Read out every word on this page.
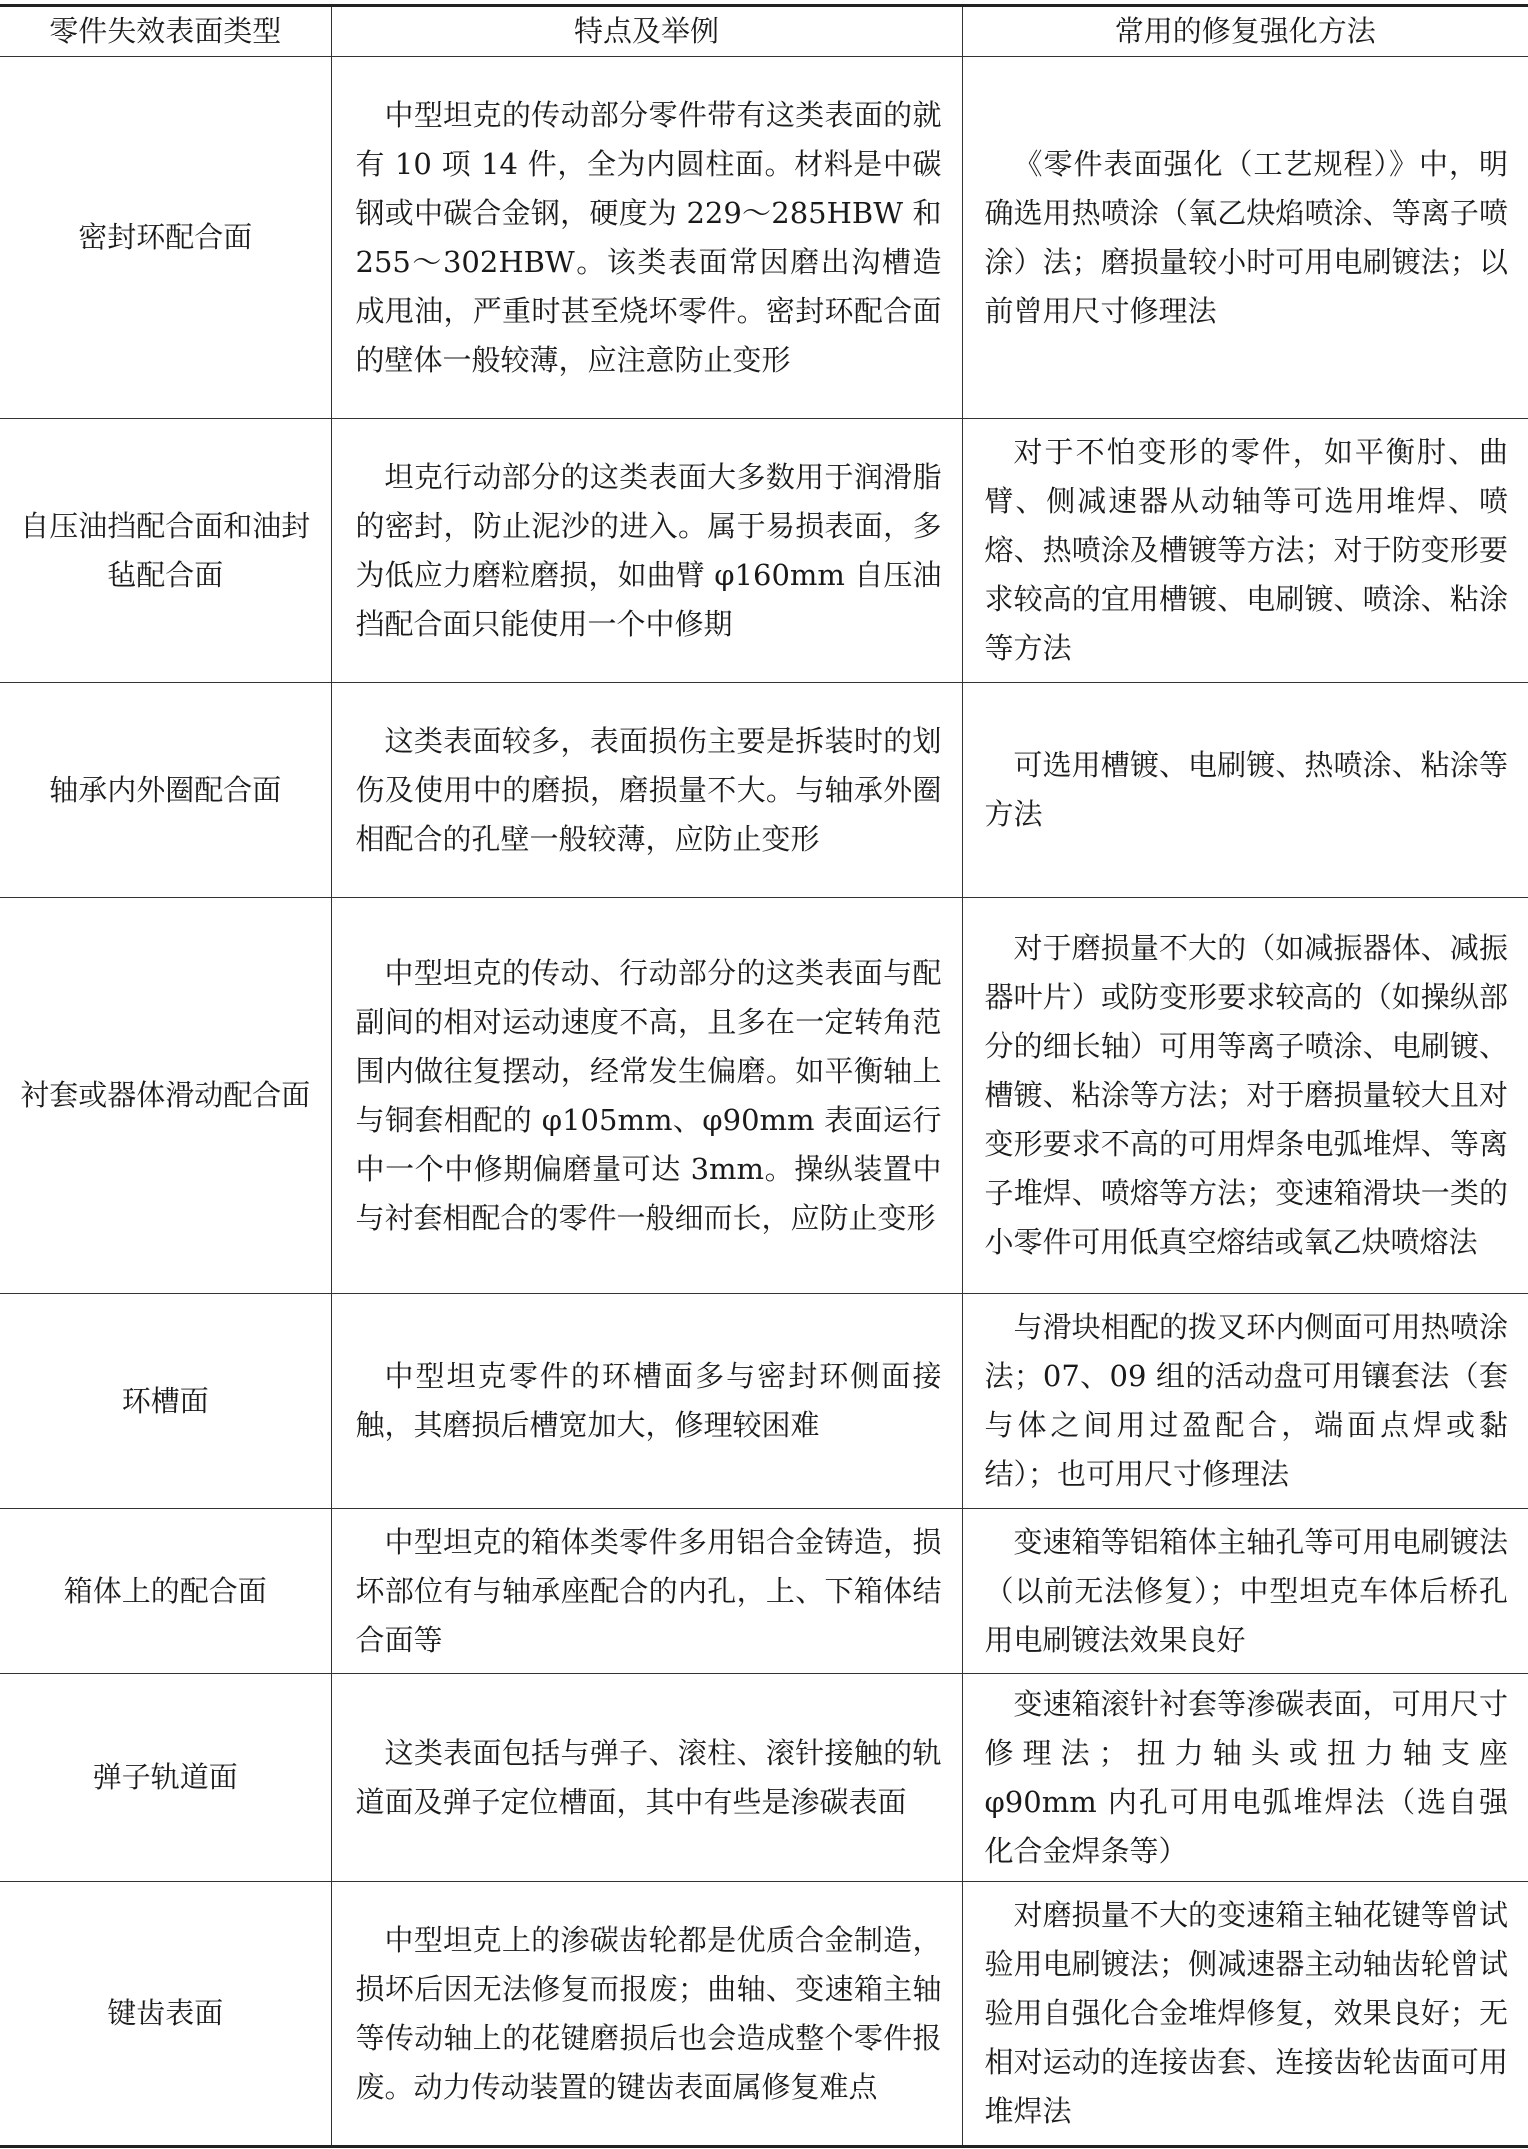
零件失效表面类型	特点及举例	常用的修复强化方法
密封环配合面	中型坦克的传动部分零件带有这类表面的就有 10 项 14 件，全为内圆柱面。材料是中碳钢或中碳合金钢，硬度为 229～285HBW 和 255～302HBW。该类表面常因磨出沟槽造成甩油，严重时甚至烧坏零件。密封环配合面的壁体一般较薄，应注意防止变形	《零件表面强化（工艺规程）》中，明确选用热喷涂（氧乙炔焰喷涂、等离子喷涂）法；磨损量较小时可用电刷镀法；以前曾用尺寸修理法
自压油挡配合面和油封毡配合面	坦克行动部分的这类表面大多数用于润滑脂的密封，防止泥沙的进入。属于易损表面，多为低应力磨粒磨损，如曲臂 φ160mm 自压油挡配合面只能使用一个中修期	对于不怕变形的零件，如平衡肘、曲臂、侧减速器从动轴等可选用堆焊、喷熔、热喷涂及槽镀等方法；对于防变形要求较高的宜用槽镀、电刷镀、喷涂、粘涂等方法
轴承内外圈配合面	这类表面较多，表面损伤主要是拆装时的划伤及使用中的磨损，磨损量不大。与轴承外圈相配合的孔壁一般较薄，应防止变形	可选用槽镀、电刷镀、热喷涂、粘涂等方法
衬套或器体滑动配合面	中型坦克的传动、行动部分的这类表面与配副间的相对运动速度不高，且多在一定转角范围内做往复摆动，经常发生偏磨。如平衡轴上与铜套相配的 φ105mm、φ90mm 表面运行中一个中修期偏磨量可达 3mm。操纵装置中与衬套相配合的零件一般细而长，应防止变形	对于磨损量不大的（如减振器体、减振器叶片）或防变形要求较高的（如操纵部分的细长轴）可用等离子喷涂、电刷镀、槽镀、粘涂等方法；对于磨损量较大且对变形要求不高的可用焊条电弧堆焊、等离子堆焊、喷熔等方法；变速箱滑块一类的小零件可用低真空熔结或氧乙炔喷熔法
环槽面	中型坦克零件的环槽面多与密封环侧面接触，其磨损后槽宽加大，修理较困难	与滑块相配的拨叉环内侧面可用热喷涂法；07、09 组的活动盘可用镶套法（套与体之间用过盈配合，端面点焊或黏结）；也可用尺寸修理法
箱体上的配合面	中型坦克的箱体类零件多用铝合金铸造，损坏部位有与轴承座配合的内孔，上、下箱体结合面等	变速箱等铝箱体主轴孔等可用电刷镀法（以前无法修复）；中型坦克车体后桥孔用电刷镀法效果良好
弹子轨道面	这类表面包括与弹子、滚柱、滚针接触的轨道面及弹子定位槽面，其中有些是渗碳表面	变速箱滚针衬套等渗碳表面，可用尺寸修理法；扭力轴头或扭力轴支座 φ90mm 内孔可用电弧堆焊法（选自强化合金焊条等）
键齿表面	中型坦克上的渗碳齿轮都是优质合金制造，损坏后因无法修复而报废；曲轴、变速箱主轴等传动轴上的花键磨损后也会造成整个零件报废。动力传动装置的键齿表面属修复难点	对磨损量不大的变速箱主轴花键等曾试验用电刷镀法；侧减速器主动轴齿轮曾试验用自强化合金堆焊修复，效果良好；无相对运动的连接齿套、连接齿轮齿面可用堆焊法
